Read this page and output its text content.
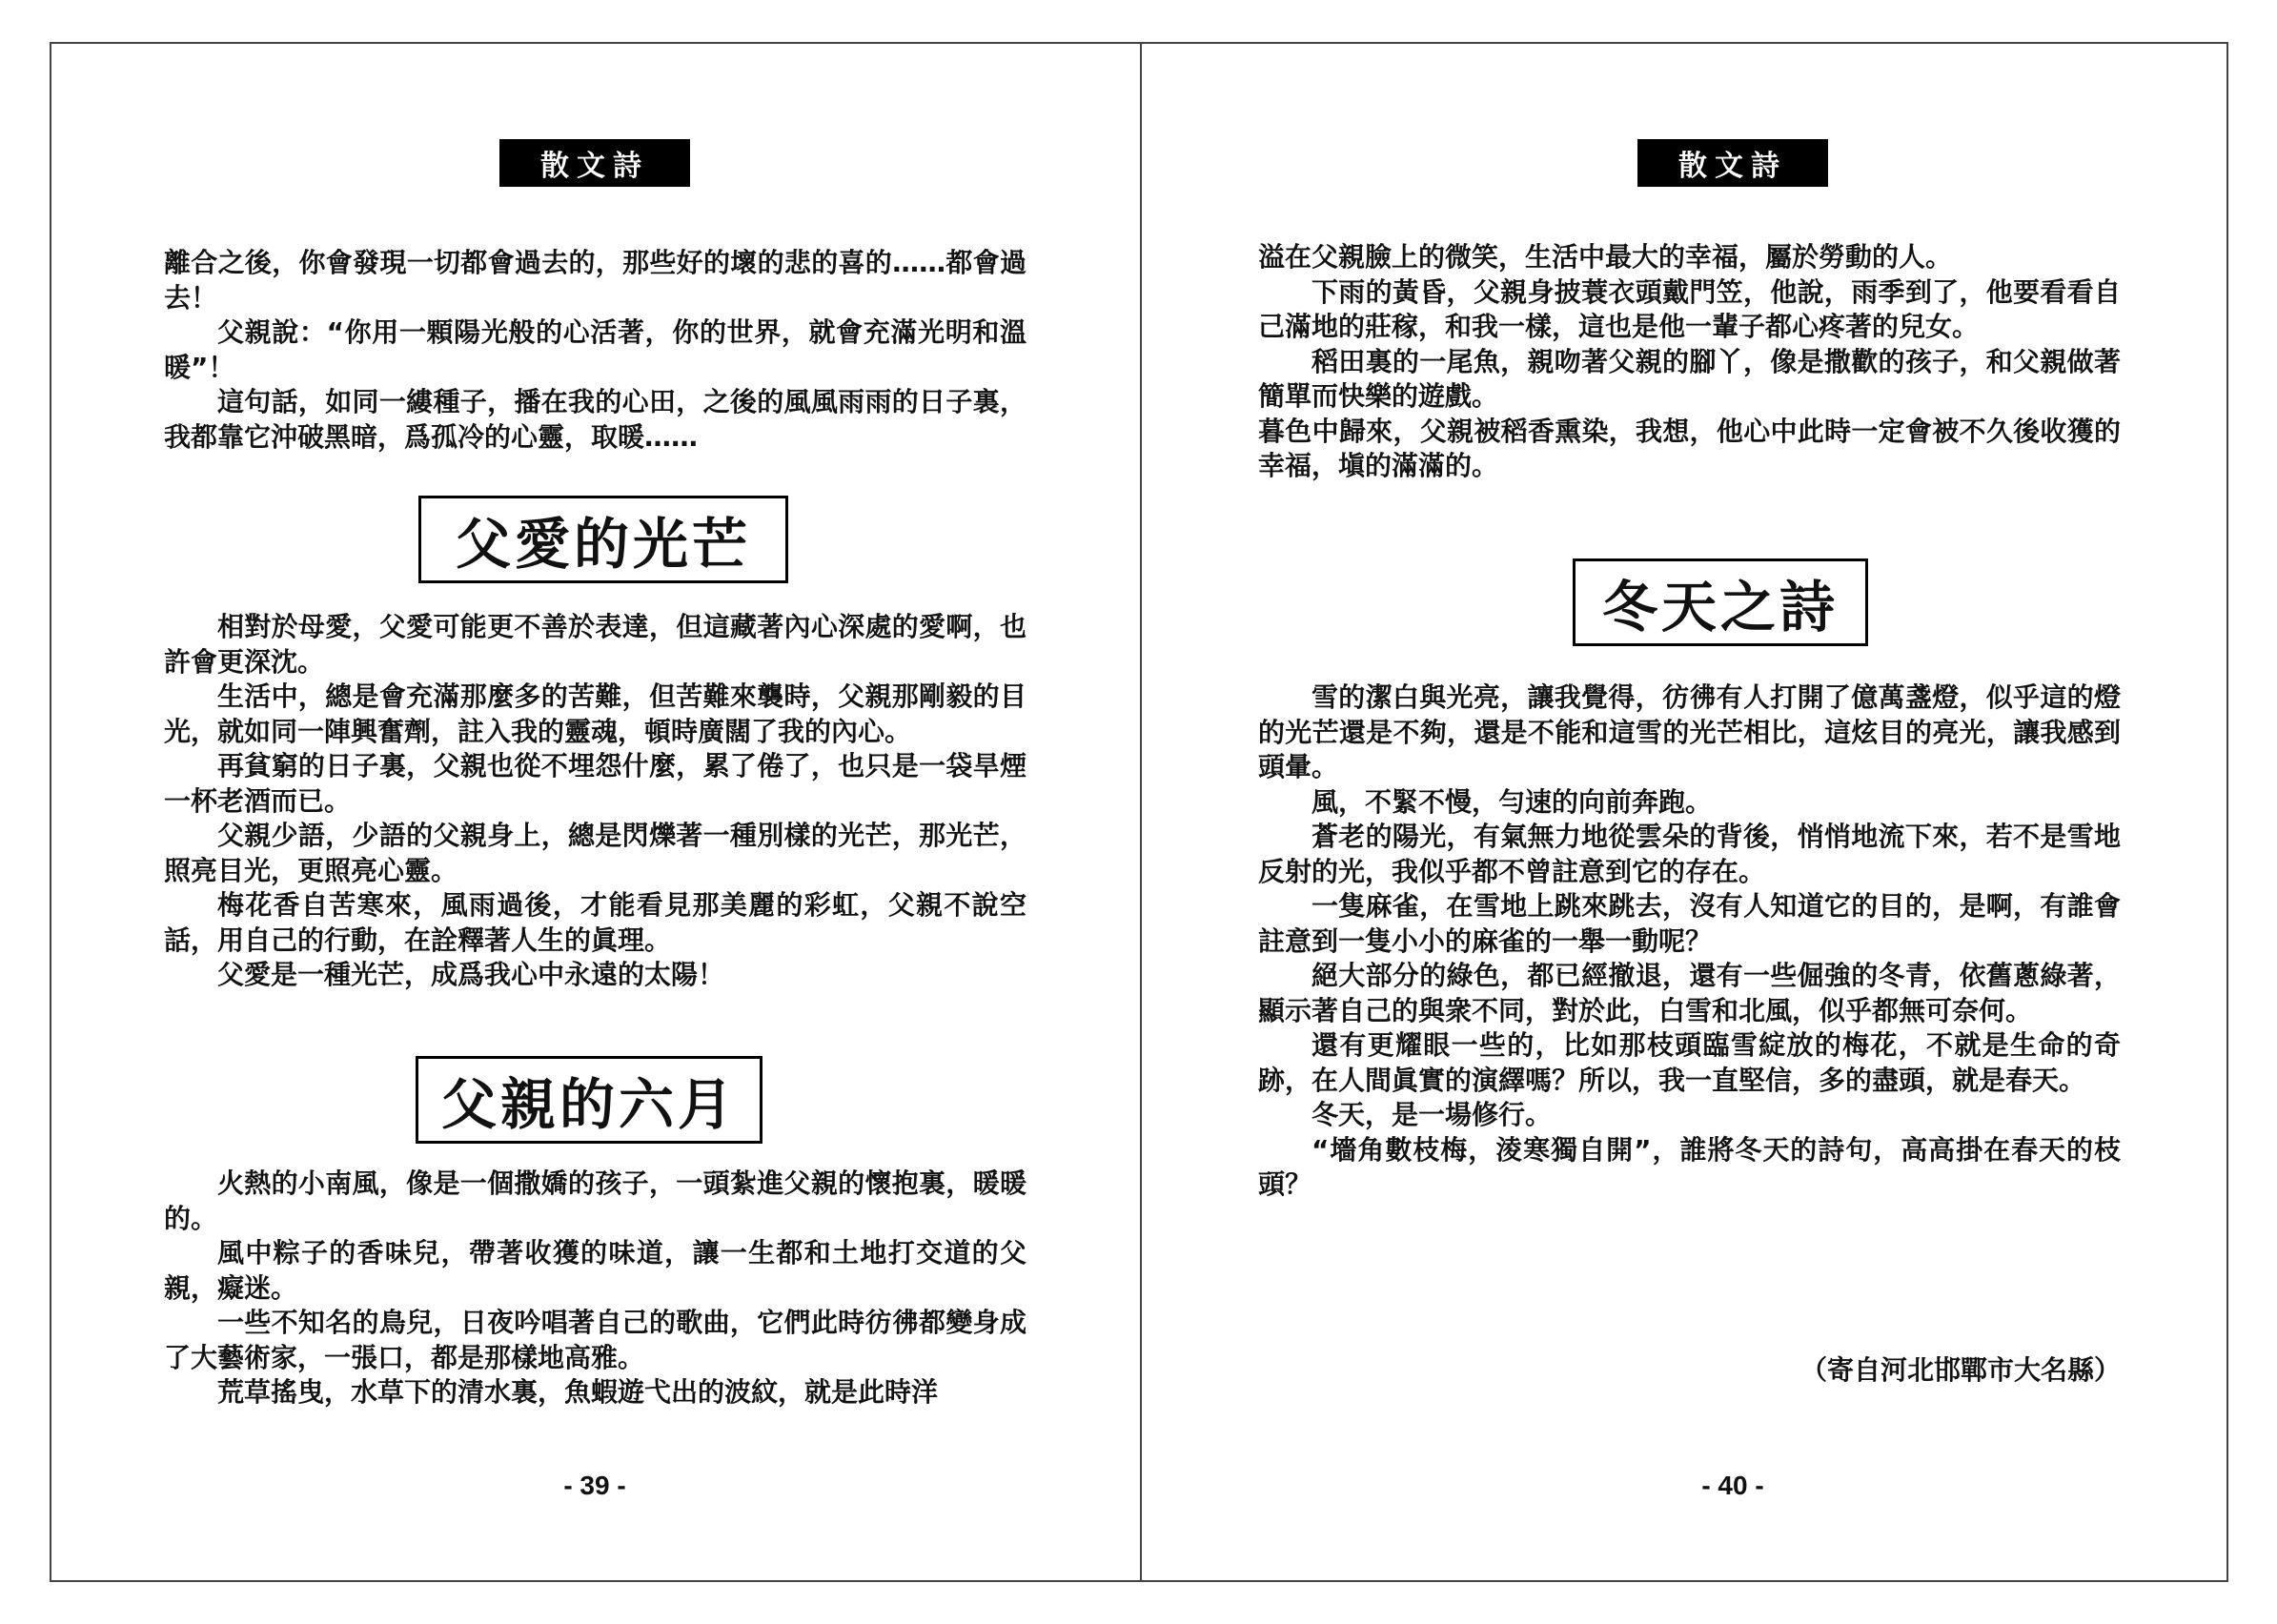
散文詩

離合之後，你會發現一切都會過去的，那些好的壞的悲的喜的……都會過去！

父親說：“你用一顆陽光般的心活著，你的世界，就會充滿光明和溫暖”！

這句話，如同一縷種子，播在我的心田，之後的風風雨雨的日子裏，我都靠它沖破黑暗，爲孤冷的心靈，取暖……

父愛的光芒

相對於母愛，父愛可能更不善於表達，但這藏著內心深處的愛啊，也許會更深沈。

生活中，總是會充滿那麼多的苦難，但苦難來襲時，父親那剛毅的目光，就如同一陣興奮劑，註入我的靈魂，頓時廣闊了我的內心。

再貧窮的日子裏，父親也從不埋怨什麼，累了倦了，也只是一袋旱煙一杯老酒而已。

父親少語，少語的父親身上，總是閃爍著一種別樣的光芒，那光芒，照亮目光，更照亮心靈。

梅花香自苦寒來，風雨過後，才能看見那美麗的彩虹，父親不說空話，用自己的行動，在詮釋著人生的眞理。

父愛是一種光芒，成爲我心中永遠的太陽！

父親的六月

火熱的小南風，像是一個撒嬌的孩子，一頭紮進父親的懷抱裏，暖暖的。

風中粽子的香味兒，帶著收獲的味道，讓一生都和土地打交道的父親，癡迷。

一些不知名的鳥兒，日夜吟唱著自己的歌曲，它們此時彷彿都變身成了大藝術家，一張口，都是那樣地高雅。

荒草搖曳，水草下的清水裏，魚蝦遊弋出的波紋，就是此時洋

- 39 -
散文詩

溢在父親臉上的微笑，生活中最大的幸福，屬於勞動的人。

下雨的黃昏，父親身披蓑衣頭戴門笠，他說，雨季到了，他要看看自己滿地的莊稼，和我一樣，這也是他一輩子都心疼著的兒女。

稻田裏的一尾魚，親吻著父親的腳丫，像是撒歡的孩子，和父親做著簡單而快樂的遊戲。

暮色中歸來，父親被稻香熏染，我想，他心中此時一定會被不久後收獲的幸福，塡的滿滿的。

冬天之詩

雪的潔白與光亮，讓我覺得，彷彿有人打開了億萬盞燈，似乎這的燈的光芒還是不夠，還是不能和這雪的光芒相比，這炫目的亮光，讓我感到頭暈。

風，不緊不慢，勻速的向前奔跑。

蒼老的陽光，有氣無力地從雲朵的背後，悄悄地流下來，若不是雪地反射的光，我似乎都不曾註意到它的存在。

一隻麻雀，在雪地上跳來跳去，沒有人知道它的目的，是啊，有誰會註意到一隻小小的麻雀的一舉一動呢？

絕大部分的綠色，都已經撤退，還有一些倔強的冬青，依舊蔥綠著，顯示著自己的與衆不同，對於此，白雪和北風，似乎都無可奈何。

還有更耀眼一些的，比如那枝頭臨雪綻放的梅花，不就是生命的奇跡，在人間眞實的演繹嗎？所以，我一直堅信，多的盡頭，就是春天。

冬天，是一場修行。

“墻角數枝梅，淩寒獨自開”，誰將冬天的詩句，高高掛在春天的枝頭？

（寄自河北邯鄲市大名縣）
- 40 -
